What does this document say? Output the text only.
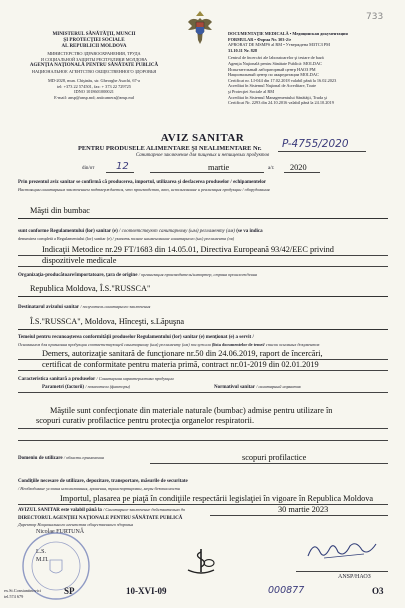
733
MINISTERUL SĂNĂTĂŢII, MUNCII
ŞI PROTECŢIEI SOCIALE
AL REPUBLICII MOLDOVA
МИНИСТЕРСТВО ЗДРАВООХРАНЕНИЯ, ТРУДА
И СОЦИАЛЬНОЙ ЗАЩИТЫ РЕСПУБЛИКИ МОЛДОВА
AGENŢIA NAŢIONALĂ PENTRU SĂNĂTATE PUBLICĂ
НАЦИОНАЛЬНОЕ АГЕНТСТВО ОБЩЕСТВЕННОГО ЗДОРОВЬЯ
MD-2028, mun. Chişinău, str. Gheorghe Asachi, 67-a
tel: +373 22 574501, fax: + 373 22 729725
IDNO 1018601000021
E-mail: ansp@ansp.md; anticamera@ansp.md
DOCUMENTAŢIE MEDICALĂ • Медицинская документация
FORMULAR • Форма Nr. 303-2/e
APROBAT DE MSMPS al RM • Утверждена МЗТСЗ РМ
31.10.11 Nr. 828
Centrul de încercări ale laboratoarelor şi testare de bază
Agenţia Naţională pentru Sănătate Publică: MOLDAC
Испытательный лабораторный центр НАОЗ РМ
Национальный центр по аккредитации MOLDAC
Certificat nr. LI-044 din 17.02.2018 valabil până la 16.02.2023
Acreditat în Sistemul Naţional de Acreditare, Toate
şi Protecţiei Sociale al RM
Acreditat în Sistemul Managementului Sănătăţii, Truda şi
Certificat Nr. 2293 din 24.10.2016 valabil până la 24.10.2019
AVIZ SANITAR
PENTRU PRODUSELE ALIMENTARE ŞI NEALIMENTARE Nr. P-4755/2020
Санитарное заключение для пищевых и непищевых продуктов
din/от 12	martie	a/г. 2020
Prin prezentul aviz sanitar se confirmă că producerea, importul, utilizarea şi desfacerea produselor / echipamentelor
Настоящим санитарным заключением подтверждается, что производство, ввоз, использование и реализация продукции / оборудования
Măşti din bumbac
sunt conforme Regulamentului (lor) sanitar (e) / соответствуют санитарному (ым) регламенту (ам) (se va indica
denumirea completă a Regulamentului (lor) sanitar (e) / указать полное наименование санитарного (ых) регламента (ов)
Indicaţii Metodice nr.29 FT/1683 din 14.05.01, Directiva Europeană 93/42/EEC privind
dispozitivele medicale
Organizaţia-producătoare/importatoare, ţara de origine / организация производитель/импортер, страна происхождения
Republica Moldova, Î.S."RUSSCA"
Destinatarul avizului sanitar / получатель санитарного заключения
Î.S."RUSSCA", Moldova, Hînceşti, s.Lăpuşna
Temeiul pentru recunoaşterea conformităţii produselor Regulamentului (lor) sanitar (e) menţionat (e) a servit /
Основанием для признания продукции соответствующей санитарному (ым) регламенту (ам) послужили (lista documentelor de temei/ список основных документов
Demers, autorizaţie sanitară de funcţionare nr.50 din 24.06.2019, raport de încercări,
certificat de conformitate pentru materia primă, contract nr.01-2019 din 02.01.2019
Caracteristica sanitară a produselor / Санитарная характеристика продукции
Parametri (factorii) / показатели (факторы)	Normativul sanitar / санитарный норматив
Măştile sunt confecţionate din materiale naturale (bumbac) admise pentru utilizare în
scopuri curativ profilactice pentru protecţia organelor respiratorii.
Domeniu de utilizare / область применения	scopuri profilactice
Condiţiile necesare de utilizare, depozitare, transportare, măsurile de securitate
/ Необходимые условия использования, хранения, транспортировки, меры безопасности
Importul, plasarea pe piaţă în condiţiile respectării legislaţiei în vigoare în Republica Moldova
AVIZUL SANITAR este valabil până la / Санитарное заключение действительно до	30 martie 2023
DIRECTORUL AGENŢIEI NAŢIONALE PENTRU SĂNĂTATE PUBLICĂ
Директор Национального агентства общественного здоровья
Nicolae FURTUNĂ
L.S.
М.П.
ANSP/НАОЗ
ex.St.Constantinovici
tel.574 679
SP	10-XVI-09	000877	O3
